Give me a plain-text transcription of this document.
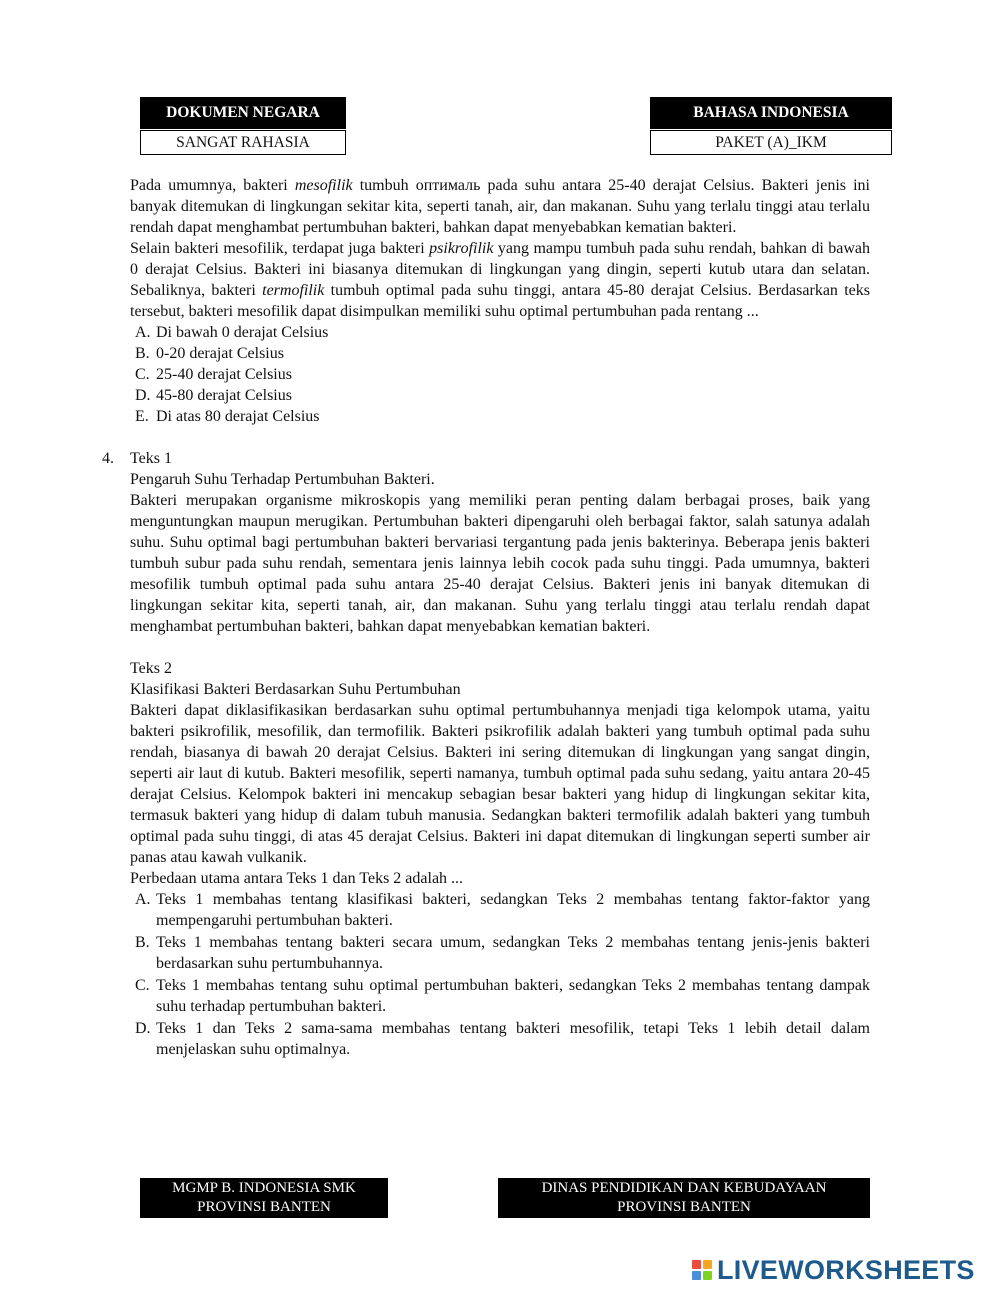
DOKUMEN NEGARA
SANGAT RAHASIA
BAHASA INDONESIA
PAKET (A)_IKM

Pada umumnya, bakteri mesofilik tumbuh оптималь pada suhu antara 25-40 derajat Celsius. Bakteri jenis ini banyak ditemukan di lingkungan sekitar kita, seperti tanah, air, dan makanan. Suhu yang terlalu tinggi atau terlalu rendah dapat menghambat pertumbuhan bakteri, bahkan dapat menyebabkan kematian bakteri.

Selain bakteri mesofilik, terdapat juga bakteri psikrofilik yang mampu tumbuh pada suhu rendah, bahkan di bawah 0 derajat Celsius. Bakteri ini biasanya ditemukan di lingkungan yang dingin, seperti kutub utara dan selatan. Sebaliknya, bakteri termofilik tumbuh optimal pada suhu tinggi, antara 45-80 derajat Celsius. Berdasarkan teks tersebut, bakteri mesofilik dapat disimpulkan memiliki suhu optimal pertumbuhan pada rentang ...

A. Di bawah 0 derajat Celsius
B. 0-20 derajat Celsius
C. 25-40 derajat Celsius
D. 45-80 derajat Celsius
E. Di atas 80 derajat Celsius
4.	Teks 1

Pengaruh Suhu Terhadap Pertumbuhan Bakteri.

Bakteri merupakan organisme mikroskopis yang memiliki peran penting dalam berbagai proses, baik yang menguntungkan maupun merugikan. Pertumbuhan bakteri dipengaruhi oleh berbagai faktor, salah satunya adalah suhu. Suhu optimal bagi pertumbuhan bakteri bervariasi tergantung pada jenis bakterinya. Beberapa jenis bakteri tumbuh subur pada suhu rendah, sementara jenis lainnya lebih cocok pada suhu tinggi. Pada umumnya, bakteri mesofilik tumbuh optimal pada suhu antara 25-40 derajat Celsius. Bakteri jenis ini banyak ditemukan di lingkungan sekitar kita, seperti tanah, air, dan makanan. Suhu yang terlalu tinggi atau terlalu rendah dapat menghambat pertumbuhan bakteri, bahkan dapat menyebabkan kematian bakteri.

Teks 2

Klasifikasi Bakteri Berdasarkan Suhu Pertumbuhan

Bakteri dapat diklasifikasikan berdasarkan suhu optimal pertumbuhannya menjadi tiga kelompok utama, yaitu bakteri psikrofilik, mesofilik, dan termofilik. Bakteri psikrofilik adalah bakteri yang tumbuh optimal pada suhu rendah, biasanya di bawah 20 derajat Celsius. Bakteri ini sering ditemukan di lingkungan yang sangat dingin, seperti air laut di kutub. Bakteri mesofilik, seperti namanya, tumbuh optimal pada suhu sedang, yaitu antara 20-45 derajat Celsius. Kelompok bakteri ini mencakup sebagian besar bakteri yang hidup di lingkungan sekitar kita, termasuk bakteri yang hidup di dalam tubuh manusia. Sedangkan bakteri termofilik adalah bakteri yang tumbuh optimal pada suhu tinggi, di atas 45 derajat Celsius. Bakteri ini dapat ditemukan di lingkungan seperti sumber air panas atau kawah vulkanik.

Perbedaan utama antara Teks 1 dan Teks 2 adalah ...

A. Teks 1 membahas tentang klasifikasi bakteri, sedangkan Teks 2 membahas tentang faktor-faktor yang mempengaruhi pertumbuhan bakteri.
B. Teks 1 membahas tentang bakteri secara umum, sedangkan Teks 2 membahas tentang jenis-jenis bakteri berdasarkan suhu pertumbuhannya.
C. Teks 1 membahas tentang suhu optimal pertumbuhan bakteri, sedangkan Teks 2 membahas tentang dampak suhu terhadap pertumbuhan bakteri.
D. Teks 1 dan Teks 2 sama-sama membahas tentang bakteri mesofilik, tetapi Teks 1 lebih detail dalam menjelaskan suhu optimalnya.
MGMP B. INDONESIA SMK
PROVINSI BANTEN
DINAS PENDIDIKAN DAN KEBUDAYAAN
PROVINSI BANTEN
LIVEWORKSHEETS
